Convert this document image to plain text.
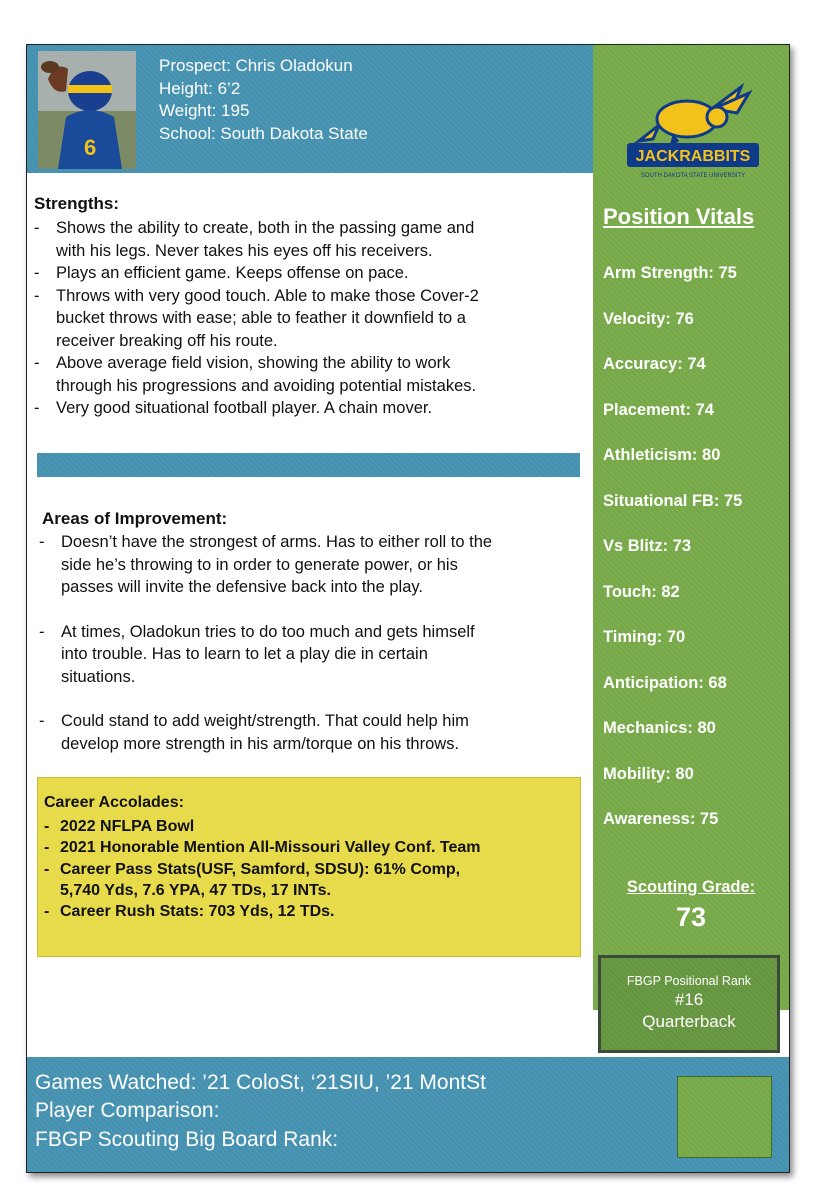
6
Prospect: Chris Oladokun
Height: 6’2
Weight: 195
School: South Dakota State
JACKRABBITS
SOUTH DAKOTA STATE UNIVERSITY
Position Vitals
Arm Strength: 75
Velocity: 76
Accuracy: 74
Placement: 74
Athleticism: 80
Situational FB: 75
Vs Blitz: 73
Touch: 82
Timing: 70
Anticipation: 68
Mechanics: 80
Mobility: 80
Awareness: 75
Scouting Grade:
73
FBGP Positional Rank
#16
Quarterback
Strengths:
- Shows the ability to create, both in the passing game and
with his legs. Never takes his eyes off his receivers.
- Plays an efficient game. Keeps offense on pace.
- Throws with very good touch. Able to make those Cover-2
bucket throws with ease; able to feather it downfield to a
receiver breaking off his route.
- Above average field vision, showing the ability to work
through his progressions and avoiding potential mistakes.
- Very good situational football player. A chain mover.
Areas of Improvement:
- Doesn’t have the strongest of arms. Has to either roll to the
side he’s throwing to in order to generate power, or his
passes will invite the defensive back into the play.
- At times, Oladokun tries to do too much and gets himself
into trouble. Has to learn to let a play die in certain
situations.
- Could stand to add weight/strength. That could help him
develop more strength in his arm/torque on his throws.
Career Accolades:
- 2022 NFLPA Bowl
- 2021 Honorable Mention All-Missouri Valley Conf. Team
- Career Pass Stats(USF, Samford, SDSU): 61% Comp,
5,740 Yds, 7.6 YPA, 47 TDs, 17 INTs.
- Career Rush Stats: 703 Yds, 12 TDs.
Games Watched: ’21 ColoSt, ‘21SIU, ’21 MontSt
Player Comparison:
FBGP Scouting Big Board Rank:
